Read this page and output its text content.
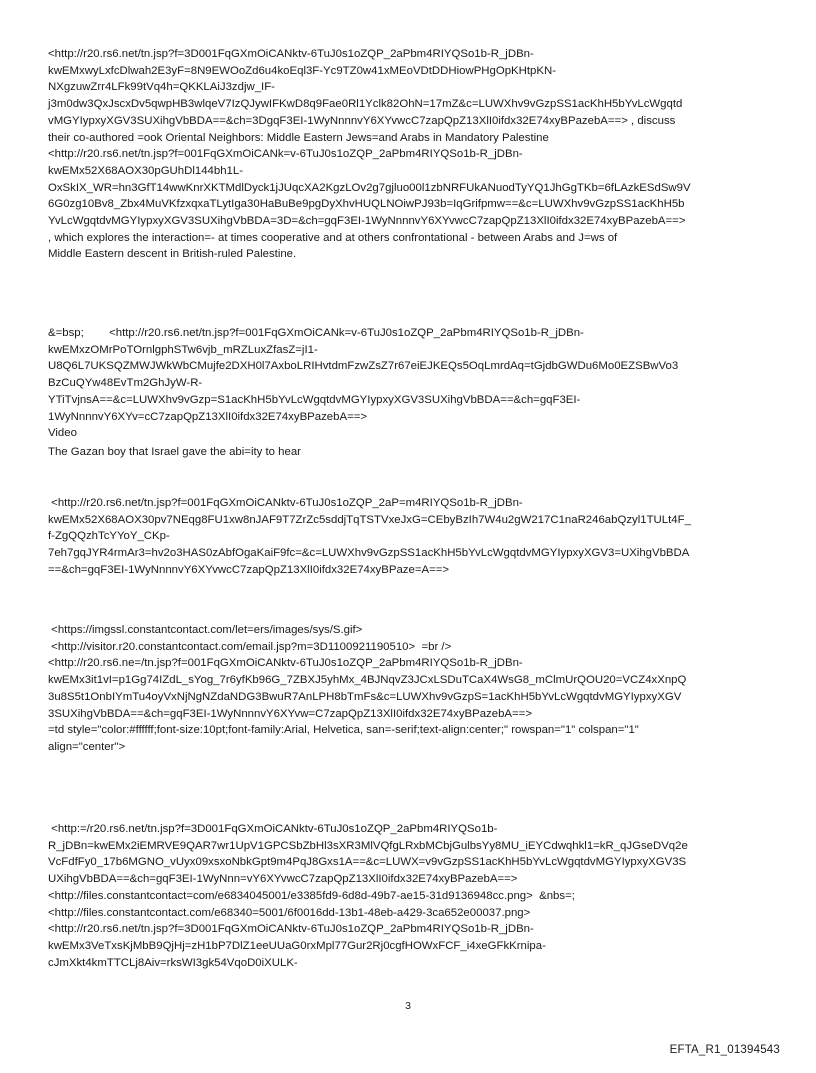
<http://r20.rs6.net/tn.jsp?f=3D001FqGXmOiCANktv-6TuJ0s1oZQP_2aPbm4RIYQSo1b-R_jDBn-
kwEMxwyLxfcDlwah2E3yF=8N9EWOoZd6u4koEql3F-Yc9TZ0w41xMEoVDtDDHiowPHgOpKHtpKN-
NXgzuwZrr4LFk99tVq4h=QKKLAiJ3zdjw_IF-
j3m0dw3QxJscxDv5qwpHB3wlqeV7IzQJywIFKwD8q9Fae0Rl1Yclk82OhN=17mZ&c=LUWXhv9vGzpSS1acKhH5bYvLcWgqtd
vMGYIypxyXGV3SUXihgVbBDA==&ch=3DgqF3EI-1WyNnnnvY6XYvwcC7zapQpZ13XlI0ifdx32E74xyBPazebA==> , discuss
their co-authored =ook Oriental Neighbors: Middle Eastern Jews=and Arabs in Mandatory Palestine
<http://r20.rs6.net/tn.jsp?f=001FqGXmOiCANk=v-6TuJ0s1oZQP_2aPbm4RIYQSo1b-R_jDBn-
kwEMx52X68AOX30pGUhDl144bh1L-
OxSkIX_WR=hn3GfT14wwKnrXKTMdlDyck1jJUqcXA2KgzLOv2g7gjluo00l1zbNRFUkANuodTyYQ1JhGgTKb=6fLAzkESdSw9V
6G0zg10Bv8_Zbx4MuVKfzxqxaTLytIga30HaBuBe9pgDyXhvHUQLNOiwPJ93b=IqGrifpmw==&c=LUWXhv9vGzpSS1acKhH5b
YvLcWgqtdvMGYIypxyXGV3SUXihgVbBDA=3D=&ch=gqF3EI-1WyNnnnvY6XYvwcC7zapQpZ13XlI0ifdx32E74xyBPazebA==>
, which explores the interaction=- at times cooperative and at others confrontational - between Arabs and J=ws of
Middle Eastern descent in British-ruled Palestine.
&=bsp;        <http://r20.rs6.net/tn.jsp?f=001FqGXmOiCANk=v-6TuJ0s1oZQP_2aPbm4RIYQSo1b-R_jDBn-
kwEMxzOMrPoTOrnlgphSTw6vjb_mRZLuxZfasZ=jI1-
U8Q6L7UKSQZMWJWkWbCMujfe2DXH0l7AxboLRIHvtdmFzwZsZ7r67eiEJKEQs5OqLmrdAq=tGjdbGWDu6Mo0EZSBwVo3
BzCuQYw48EvTm2GhJyW-R-
YTiTvjnsA==&c=LUWXhv9vGzp=S1acKhH5bYvLcWgqtdvMGYIypxyXGV3SUXihgVbBDA==&ch=gqF3EI-
1WyNnnnvY6XYv=cC7zapQpZ13XlI0ifdx32E74xyBPazebA==>
Video
The Gazan boy that Israel gave the abi=ity to hear
<http://r20.rs6.net/tn.jsp?f=001FqGXmOiCANktv-6TuJ0s1oZQP_2aP=m4RIYQSo1b-R_jDBn-
kwEMx52X68AOX30pv7NEqg8FU1xw8nJAF9T7ZrZc5sddjTqTSTVxeJxG=CEbyBzIh7W4u2gW217C1naR246abQzyl1TULt4F_
f-ZgQQzhTcYYoY_CKp-
7eh7gqJYR4rmAr3=hv2o3HAS0zAbfOgaKaiF9fc=&c=LUWXhv9vGzpSS1acKhH5bYvLcWgqtdvMGYIypxyXGV3=UXihgVbBDA
==&ch=gqF3EI-1WyNnnnvY6XYvwcC7zapQpZ13XlI0ifdx32E74xyBPaze=A==>
<https://imgssl.constantcontact.com/let=ers/images/sys/S.gif>
<http://visitor.r20.constantcontact.com/email.jsp?m=3D1100921190510>  =br />
<http://r20.rs6.ne=/tn.jsp?f=001FqGXmOiCANktv-6TuJ0s1oZQP_2aPbm4RIYQSo1b-R_jDBn-
kwEMx3it1vI=p1Gg74IZdL_sYog_7r6yfKb96G_7ZBXJ5yhMx_4BJNqvZ3JCxLSDuTCaX4WsG8_mClmUrQOU20=VCZ4xXnpQ
3u8S5t1OnbIYmTu4oyVxNjNgNZdaNDG3BwuR7AnLPH8bTmFs&c=LUWXhv9vGzpS=1acKhH5bYvLcWgqtdvMGYIypxyXGV
3SUXihgVbBDA==&ch=gqF3EI-1WyNnnnvY6XYvw=C7zapQpZ13XlI0ifdx32E74xyBPazebA==>
=td style="color:#ffffff;font-size:10pt;font-family:Arial, Helvetica, san=-serif;text-align:center;" rowspan="1" colspan="1"
align="center">
<http:=/r20.rs6.net/tn.jsp?f=3D001FqGXmOiCANktv-6TuJ0s1oZQP_2aPbm4RIYQSo1b-
R_jDBn=kwEMx2iEMRVE9QAR7wr1UpV1GPCSbZbHl3sXR3MlVQfgLRxbMCbjGulbsYy8MU_iEYCdwqhkl1=kR_qJGseDVq2e
VcFdfFy0_17b6MGNO_vUyx09xsxoNbkGpt9m4PqJ8Gxs1A==&c=LUWX=v9vGzpSS1acKhH5bYvLcWgqtdvMGYIypxyXGV3S
UXihgVbBDA==&ch=gqF3EI-1WyNnn=vY6XYvwcC7zapQpZ13XlI0ifdx32E74xyBPazebA==>
<http://files.constantcontact=com/e6834045001/e3385fd9-6d8d-49b7-ae15-31d9136948cc.png>  &nbs=;
<http://files.constantcontact.com/e68340=5001/6f0016dd-13b1-48eb-a429-3ca652e00037.png>
<http://r20.rs6.net/tn.jsp?f=3D001FqGXmOiCANktv-6TuJ0s1oZQP_2aPbm4RIYQSo1b-R_jDBn-
kwEMx3VeTxsKjMbB9QjHj=zH1bP7DlZ1eeUUaG0rxMpl77Gur2Rj0cgfHOWxFCF_i4xeGFkKrnipa-
cJmXkt4kmTTCLj8Aiv=rksWI3gk54VqoD0iXULK-
3
EFTA_R1_01394543
